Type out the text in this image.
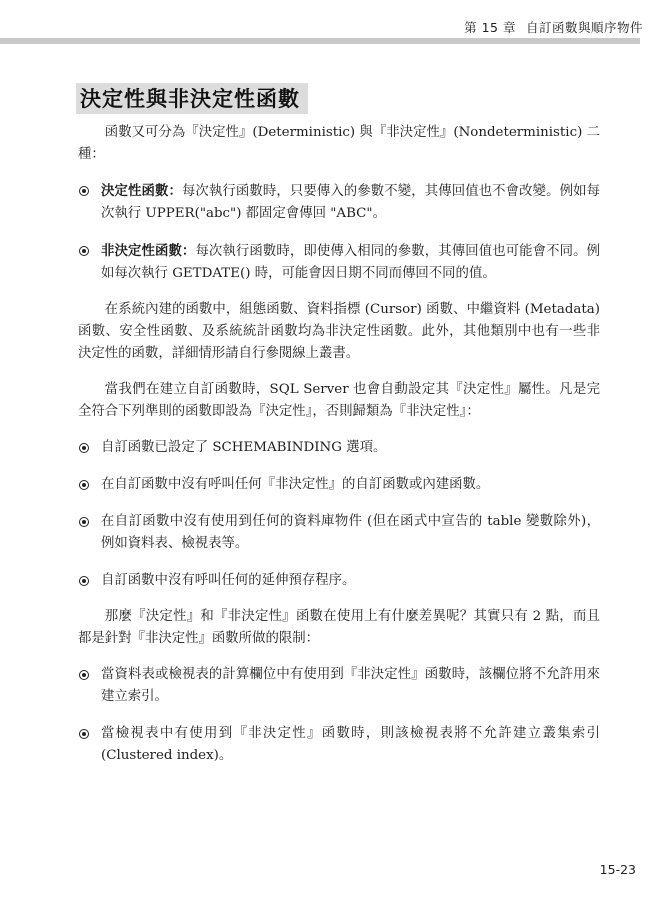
第 15 章 自訂函數與順序物件
決定性與非決定性函數

函數又可分為『決定性』(Deterministic) 與『非決定性』(Nondeterministic) 二種：

決定性函數：每次執行函數時，只要傳入的參數不變，其傳回值也不會改變。例如每次執行 UPPER("abc") 都固定會傳回 "ABC"。
非決定性函數：每次執行函數時，即使傳入相同的參數，其傳回值也可能會不同。例如每次執行 GETDATE() 時，可能會因日期不同而傳回不同的值。

在系統內建的函數中，組態函數、資料指標 (Cursor) 函數、中繼資料 (Metadata) 函數、安全性函數、及系統統計函數均為非決定性函數。此外，其他類別中也有一些非決定性的函數，詳細情形請自行參閱線上叢書。

當我們在建立自訂函數時，SQL Server 也會自動設定其『決定性』屬性。凡是完全符合下列準則的函數即設為『決定性』，否則歸類為『非決定性』：

自訂函數已設定了 SCHEMABINDING 選項。
在自訂函數中沒有呼叫任何『非決定性』的自訂函數或內建函數。
在自訂函數中沒有使用到任何的資料庫物件 (但在函式中宣告的 table 變數除外)，例如資料表、檢視表等。
自訂函數中沒有呼叫任何的延伸預存程序。

那麼『決定性』和『非決定性』函數在使用上有什麼差異呢？其實只有 2 點，而且都是針對『非決定性』函數所做的限制：

當資料表或檢視表的計算欄位中有使用到『非決定性』函數時，該欄位將不允許用來建立索引。
當檢視表中有使用到『非決定性』函數時，則該檢視表將不允許建立叢集索引 (Clustered index)。
15-23
